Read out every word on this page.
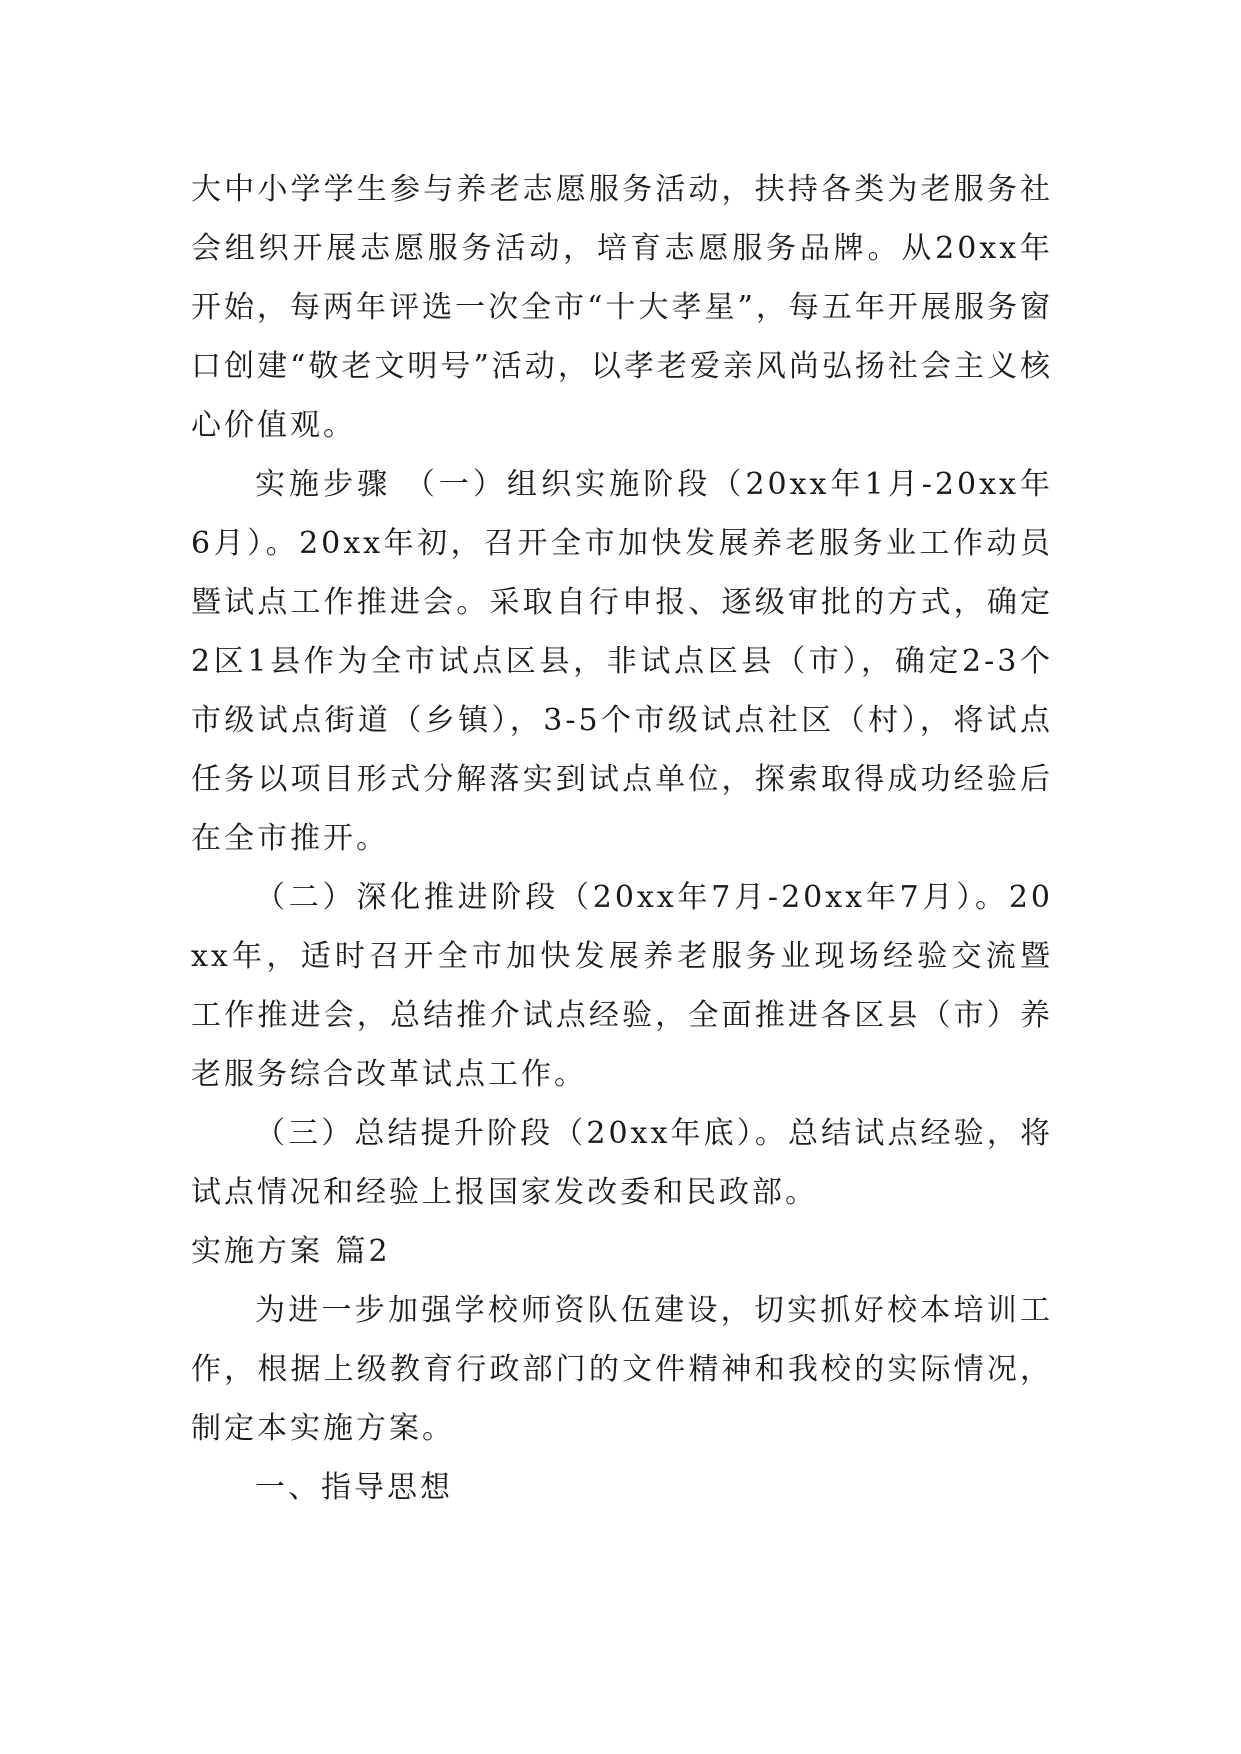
大中小学学生参与养老志愿服务活动，扶持各类为老服务社会组织开展志愿服务活动，培育志愿服务品牌。从20xx年开始，每两年评选一次全市“十大孝星”，每五年开展服务窗口创建“敬老文明号”活动，以孝老爱亲风尚弘扬社会主义核心价值观。

实施步骤 （一）组织实施阶段（20xx年1月-20xx年6月）。20xx年初，召开全市加快发展养老服务业工作动员暨试点工作推进会。采取自行申报、逐级审批的方式，确定2区1县作为全市试点区县，非试点区县（市），确定2-3个市级试点街道（乡镇），3-5个市级试点社区（村），将试点任务以项目形式分解落实到试点单位，探索取得成功经验后在全市推开。

（二）深化推进阶段（20xx年7月-20xx年7月）。20xx年，适时召开全市加快发展养老服务业现场经验交流暨工作推进会，总结推介试点经验，全面推进各区县（市）养老服务综合改革试点工作。

（三）总结提升阶段（20xx年底）。总结试点经验，将试点情况和经验上报国家发改委和民政部。

实施方案 篇2

为进一步加强学校师资队伍建设，切实抓好校本培训工作，根据上级教育行政部门的文件精神和我校的实际情况，制定本实施方案。

一、指导思想
